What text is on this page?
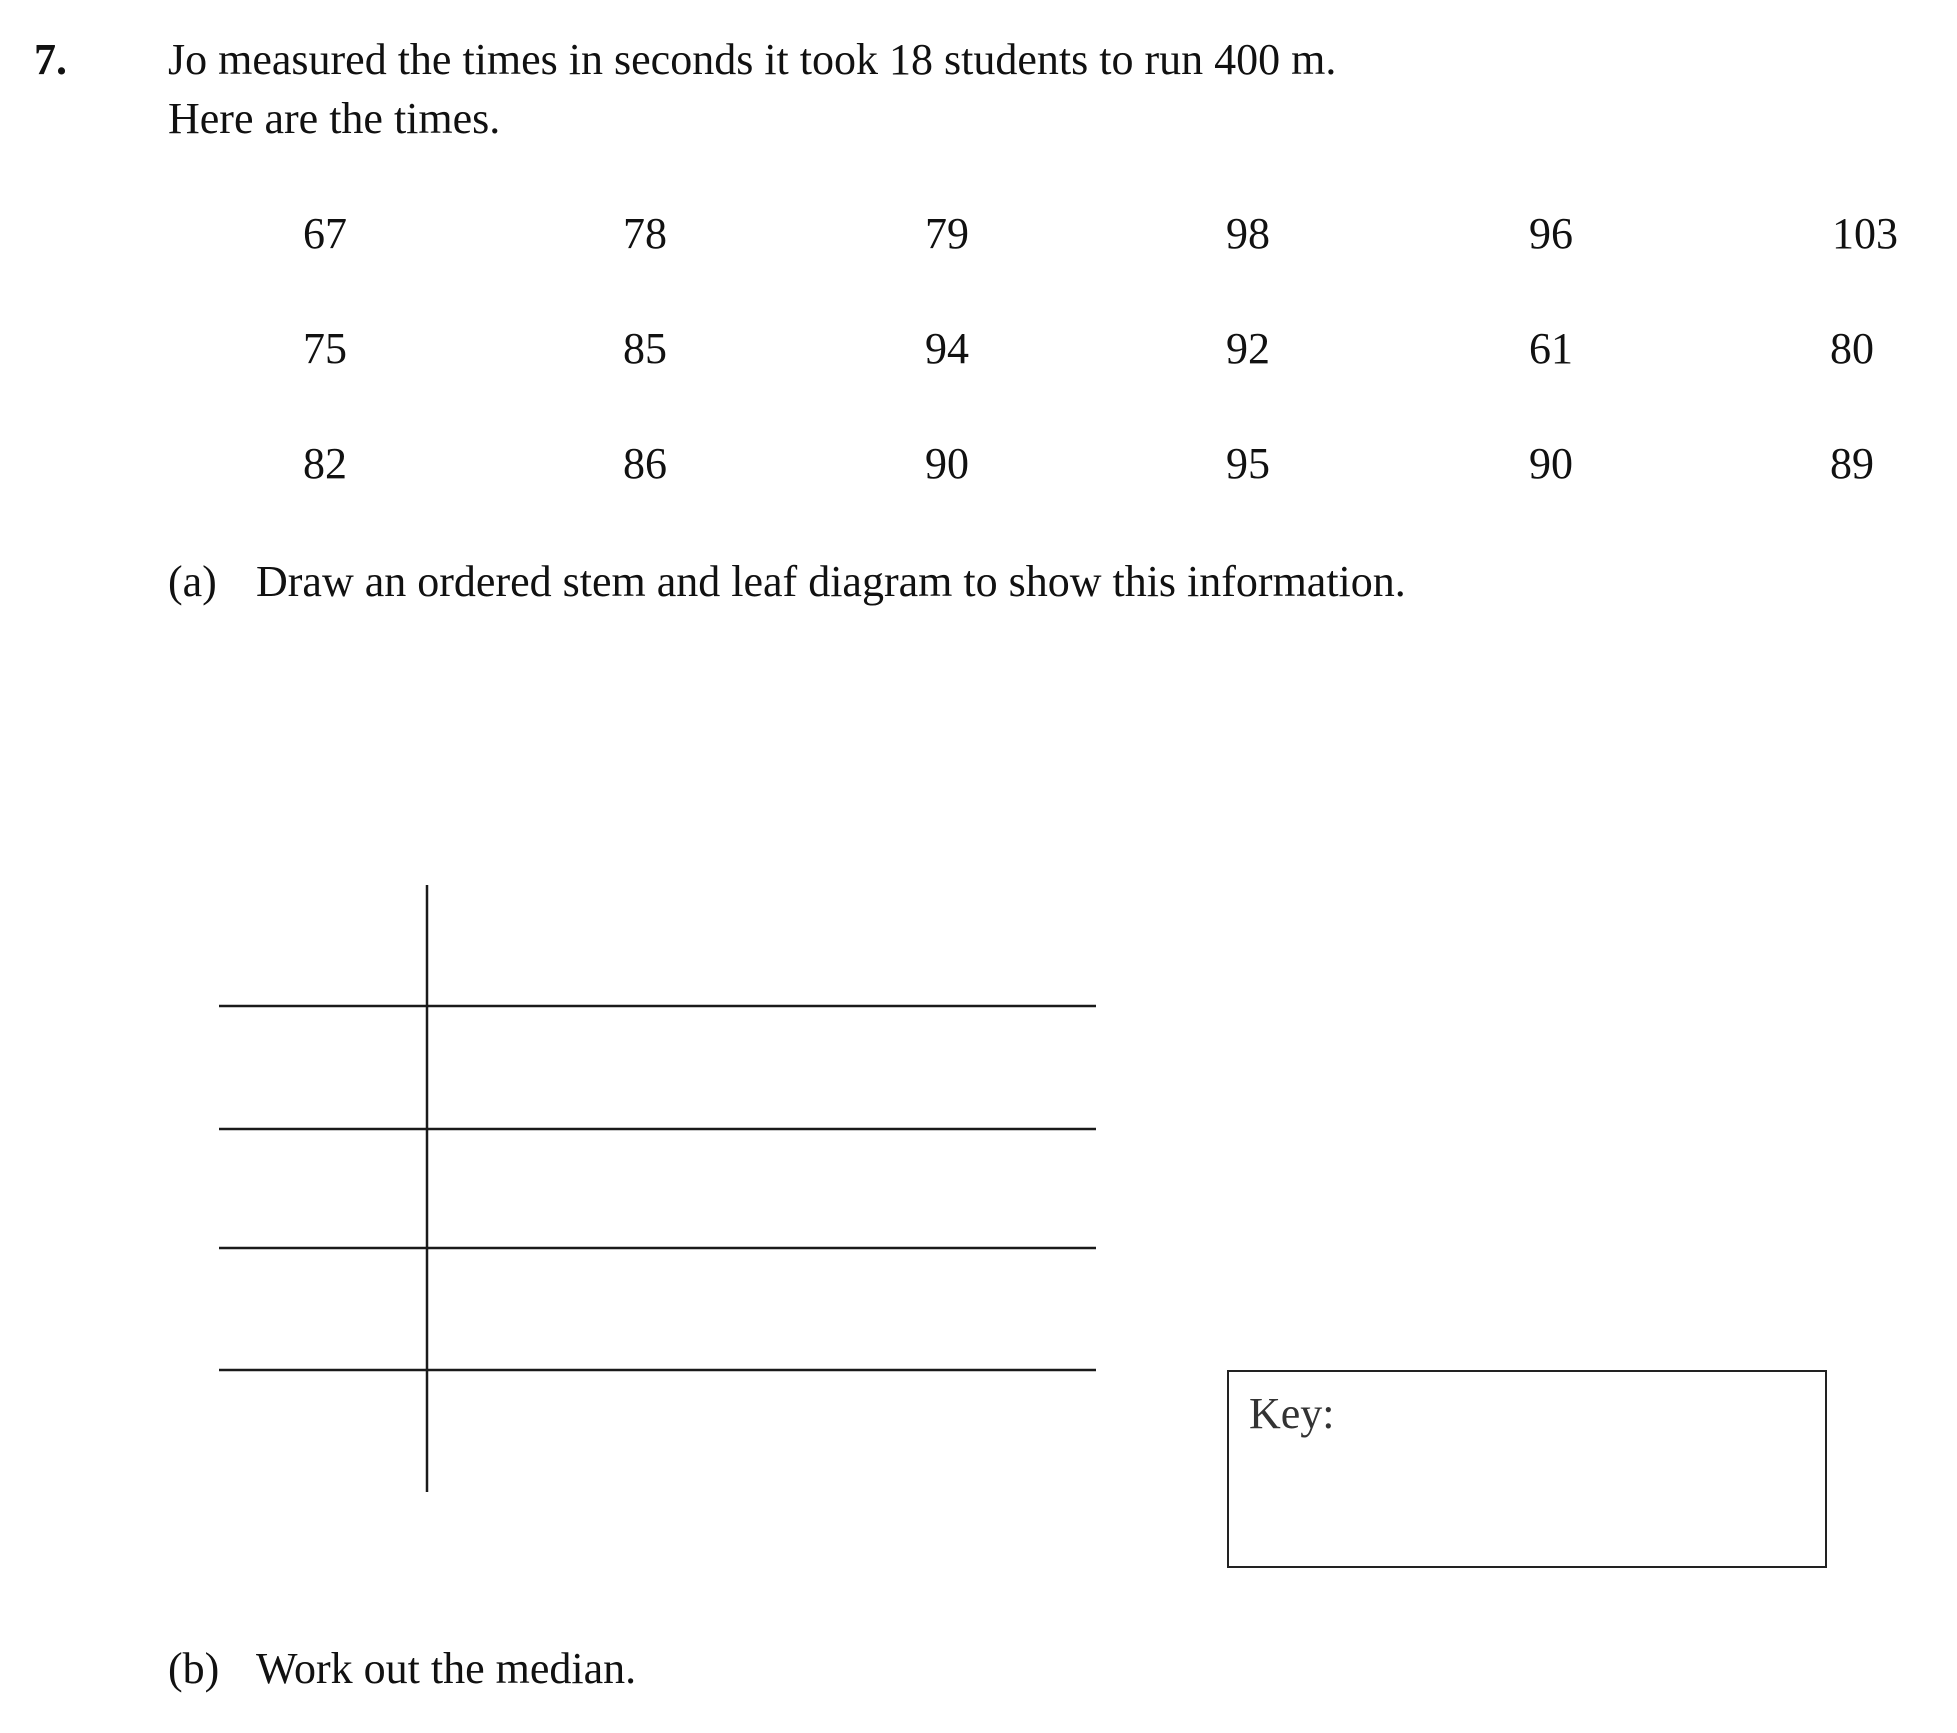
7. Jo measured the times in seconds it took 18 students to run 400 m.
Here are the times.
67	78	79	98	96	103
75	85	94	92	61	80
82	86	90	95	90	89
(a) Draw an ordered stem and leaf diagram to show this information.
Key:
(b) Work out the median.
